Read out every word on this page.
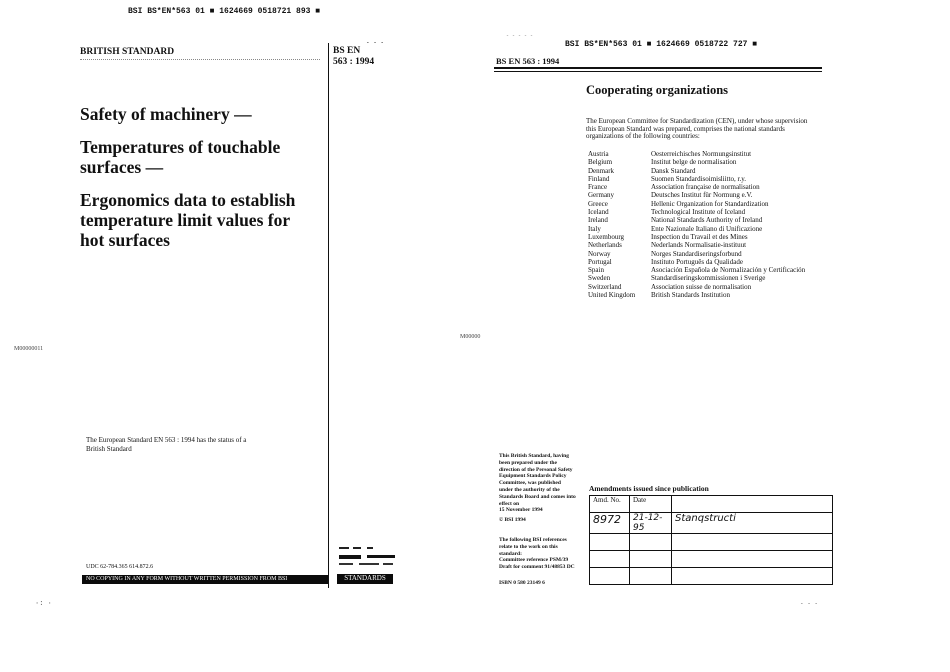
BSI BS*EN*563 01 ■ 1624669 0518721 893 ■
BRITISH STANDARD	BS EN
563 : 1994
- - -
Safety of machinery —
Temperatures of touchable
surfaces —
Ergonomics data to establish
temperature limit values for
hot surfaces
M00000011
The European Standard EN 563 : 1994 has the status of a
British Standard
UDC 62-784.365 614.872.6
NO COPYING IN ANY FORM WITHOUT WRITTEN PERMISSION FROM BSI	STANDARDS
·: ·
- - - - -
BSI BS*EN*563 01 ■ 1624669 0518722 727 ■
BS EN 563 : 1994
Cooperating organizations
The European Committee for Standardization (CEN), under whose supervision
this European Standard was prepared, comprises the national standards
organizations of the following countries:
Austria	Oesterreichisches Normungsinstitut
Belgium	Institut belge de normalisation
Denmark	Dansk Standard
Finland	Suomen Standardisoimisliitto, r.y.
France	Association française de normalisation
Germany	Deutsches Institut für Normung e.V.
Greece	Hellenic Organization for Standardization
Iceland	Technological Institute of Iceland
Ireland	National Standards Authority of Ireland
Italy	Ente Nazionale Italiano di Unificazione
Luxembourg	Inspection du Travail et des Mines
Netherlands	Nederlands Normalisatie-instituut
Norway	Norges Standardiseringsforbund
Portugal	Instituto Português da Qualidade
Spain	Asociación Española de Normalización y Certificación
Sweden	Standardiseringskommissionen i Sverige
Switzerland	Association suisse de normalisation
United Kingdom	British Standards Institution
M00000
This British Standard, having
been prepared under the
direction of the Personal Safety
Equipment Standards Policy
Committee, was published
under the authority of the
Standards Board and comes into
effect on
15 November 1994
© BSI 1994
The following BSI references
relate to the work on this
standard:
Committee reference PSM/39
Draft for comment 91/48853 DC
ISBN 0 580 23149 6
Amendments issued since publication
Amd. No.	Date	
8972	21-12-95	Stanqstructi

- - -
